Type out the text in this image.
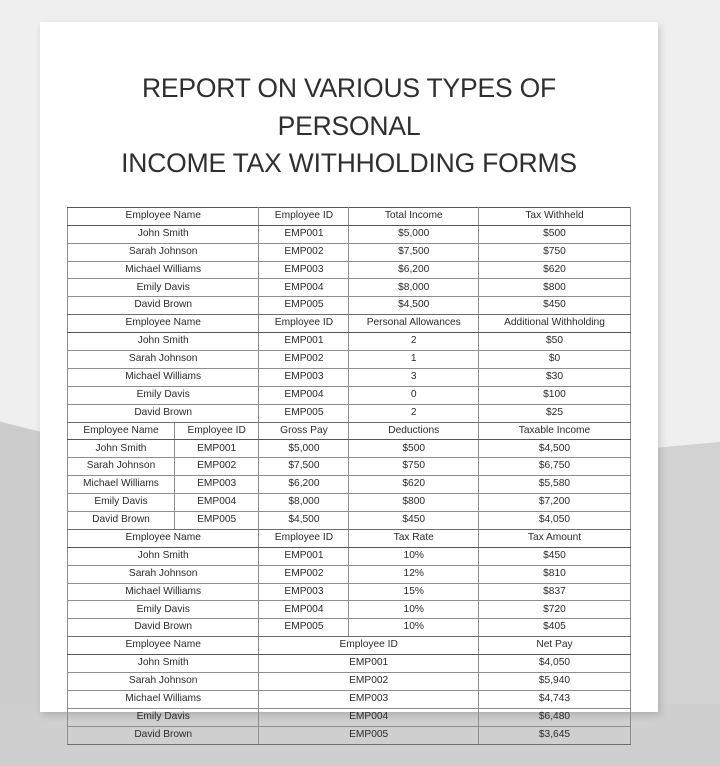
REPORT ON VARIOUS TYPES OF PERSONAL
INCOME TAX WITHHOLDING FORMS
Employee Name		Employee ID	Total Income	Tax Withheld
John Smith		EMP001	$5,000	$500
Sarah Johnson		EMP002	$7,500	$750
Michael Williams		EMP003	$6,200	$620
Emily Davis		EMP004	$8,000	$800
David Brown		EMP005	$4,500	$450
Employee Name		Employee ID	Personal Allowances	Additional Withholding
John Smith		EMP001	2	$50
Sarah Johnson		EMP002	1	$0
Michael Williams		EMP003	3	$30
Emily Davis		EMP004	0	$100
David Brown		EMP005	2	$25
Employee Name	Employee ID	Gross Pay	Deductions	Taxable Income
John Smith	EMP001	$5,000	$500	$4,500
Sarah Johnson	EMP002	$7,500	$750	$6,750
Michael Williams	EMP003	$6,200	$620	$5,580
Emily Davis	EMP004	$8,000	$800	$7,200
David Brown	EMP005	$4,500	$450	$4,050
Employee Name		Employee ID	Tax Rate	Tax Amount
John Smith		EMP001	10%	$450
Sarah Johnson		EMP002	12%	$810
Michael Williams		EMP003	15%	$837
Emily Davis		EMP004	10%	$720
David Brown		EMP005	10%	$405
Employee Name		Employee ID		Net Pay
John Smith		EMP001		$4,050
Sarah Johnson		EMP002		$5,940
Michael Williams		EMP003		$4,743
Emily Davis		EMP004		$6,480
David Brown		EMP005		$3,645
